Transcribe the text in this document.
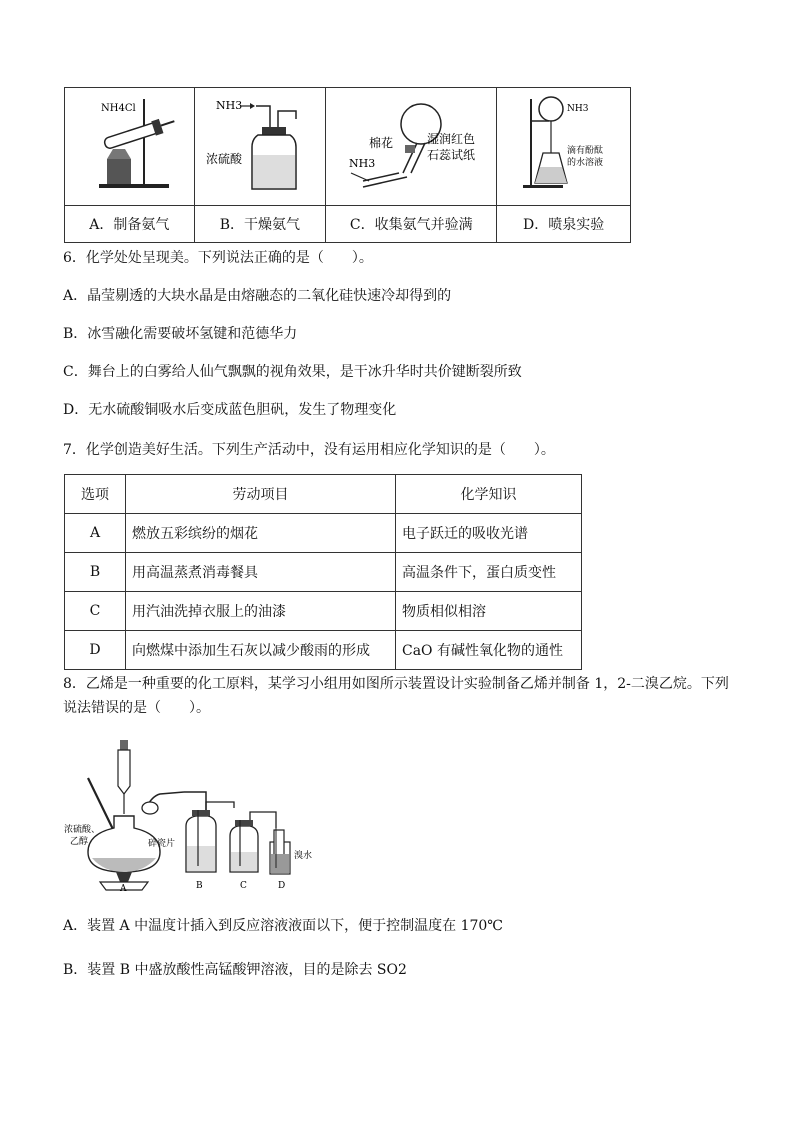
NH4Cl	NH3
浓硫酸	棉花 湿润红色
石蕊试纸
NH3	NH3
滴有酚酞
的水溶液

A．制备氨气	B．干燥氨气	C．收集氨气并验满	D．喷泉实验
6．化学处处呈现美。下列说法正确的是（　　）。
A．晶莹剔透的大块水晶是由熔融态的二氧化硅快速冷却得到的
B．冰雪融化需要破坏氢键和范德华力
C．舞台上的白雾给人仙气飘飘的视角效果，是干冰升华时共价键断裂所致
D．无水硫酸铜吸水后变成蓝色胆矾，发生了物理变化
7．化学创造美好生活。下列生产活动中，没有运用相应化学知识的是（　　）。
选项	劳动项目	化学知识
A	燃放五彩缤纷的烟花	电子跃迁的吸收光谱
B	用高温蒸煮消毒餐具	高温条件下，蛋白质变性
C	用汽油洗掉衣服上的油漆	物质相似相溶
D	向燃煤中添加生石灰以减少酸雨的形成	CaO 有碱性氧化物的通性
8．乙烯是一种重要的化工原料，某学习小组用如图所示装置设计实验制备乙烯并制备 1，2-二溴乙烷。下列
说法错误的是（　　）。
浓硫酸、
乙醇	碎瓷片
溴水
A	B	C	D
A．装置 A 中温度计插入到反应溶液液面以下，便于控制温度在 170℃
B．装置 B 中盛放酸性高锰酸钾溶液，目的是除去 SO2
